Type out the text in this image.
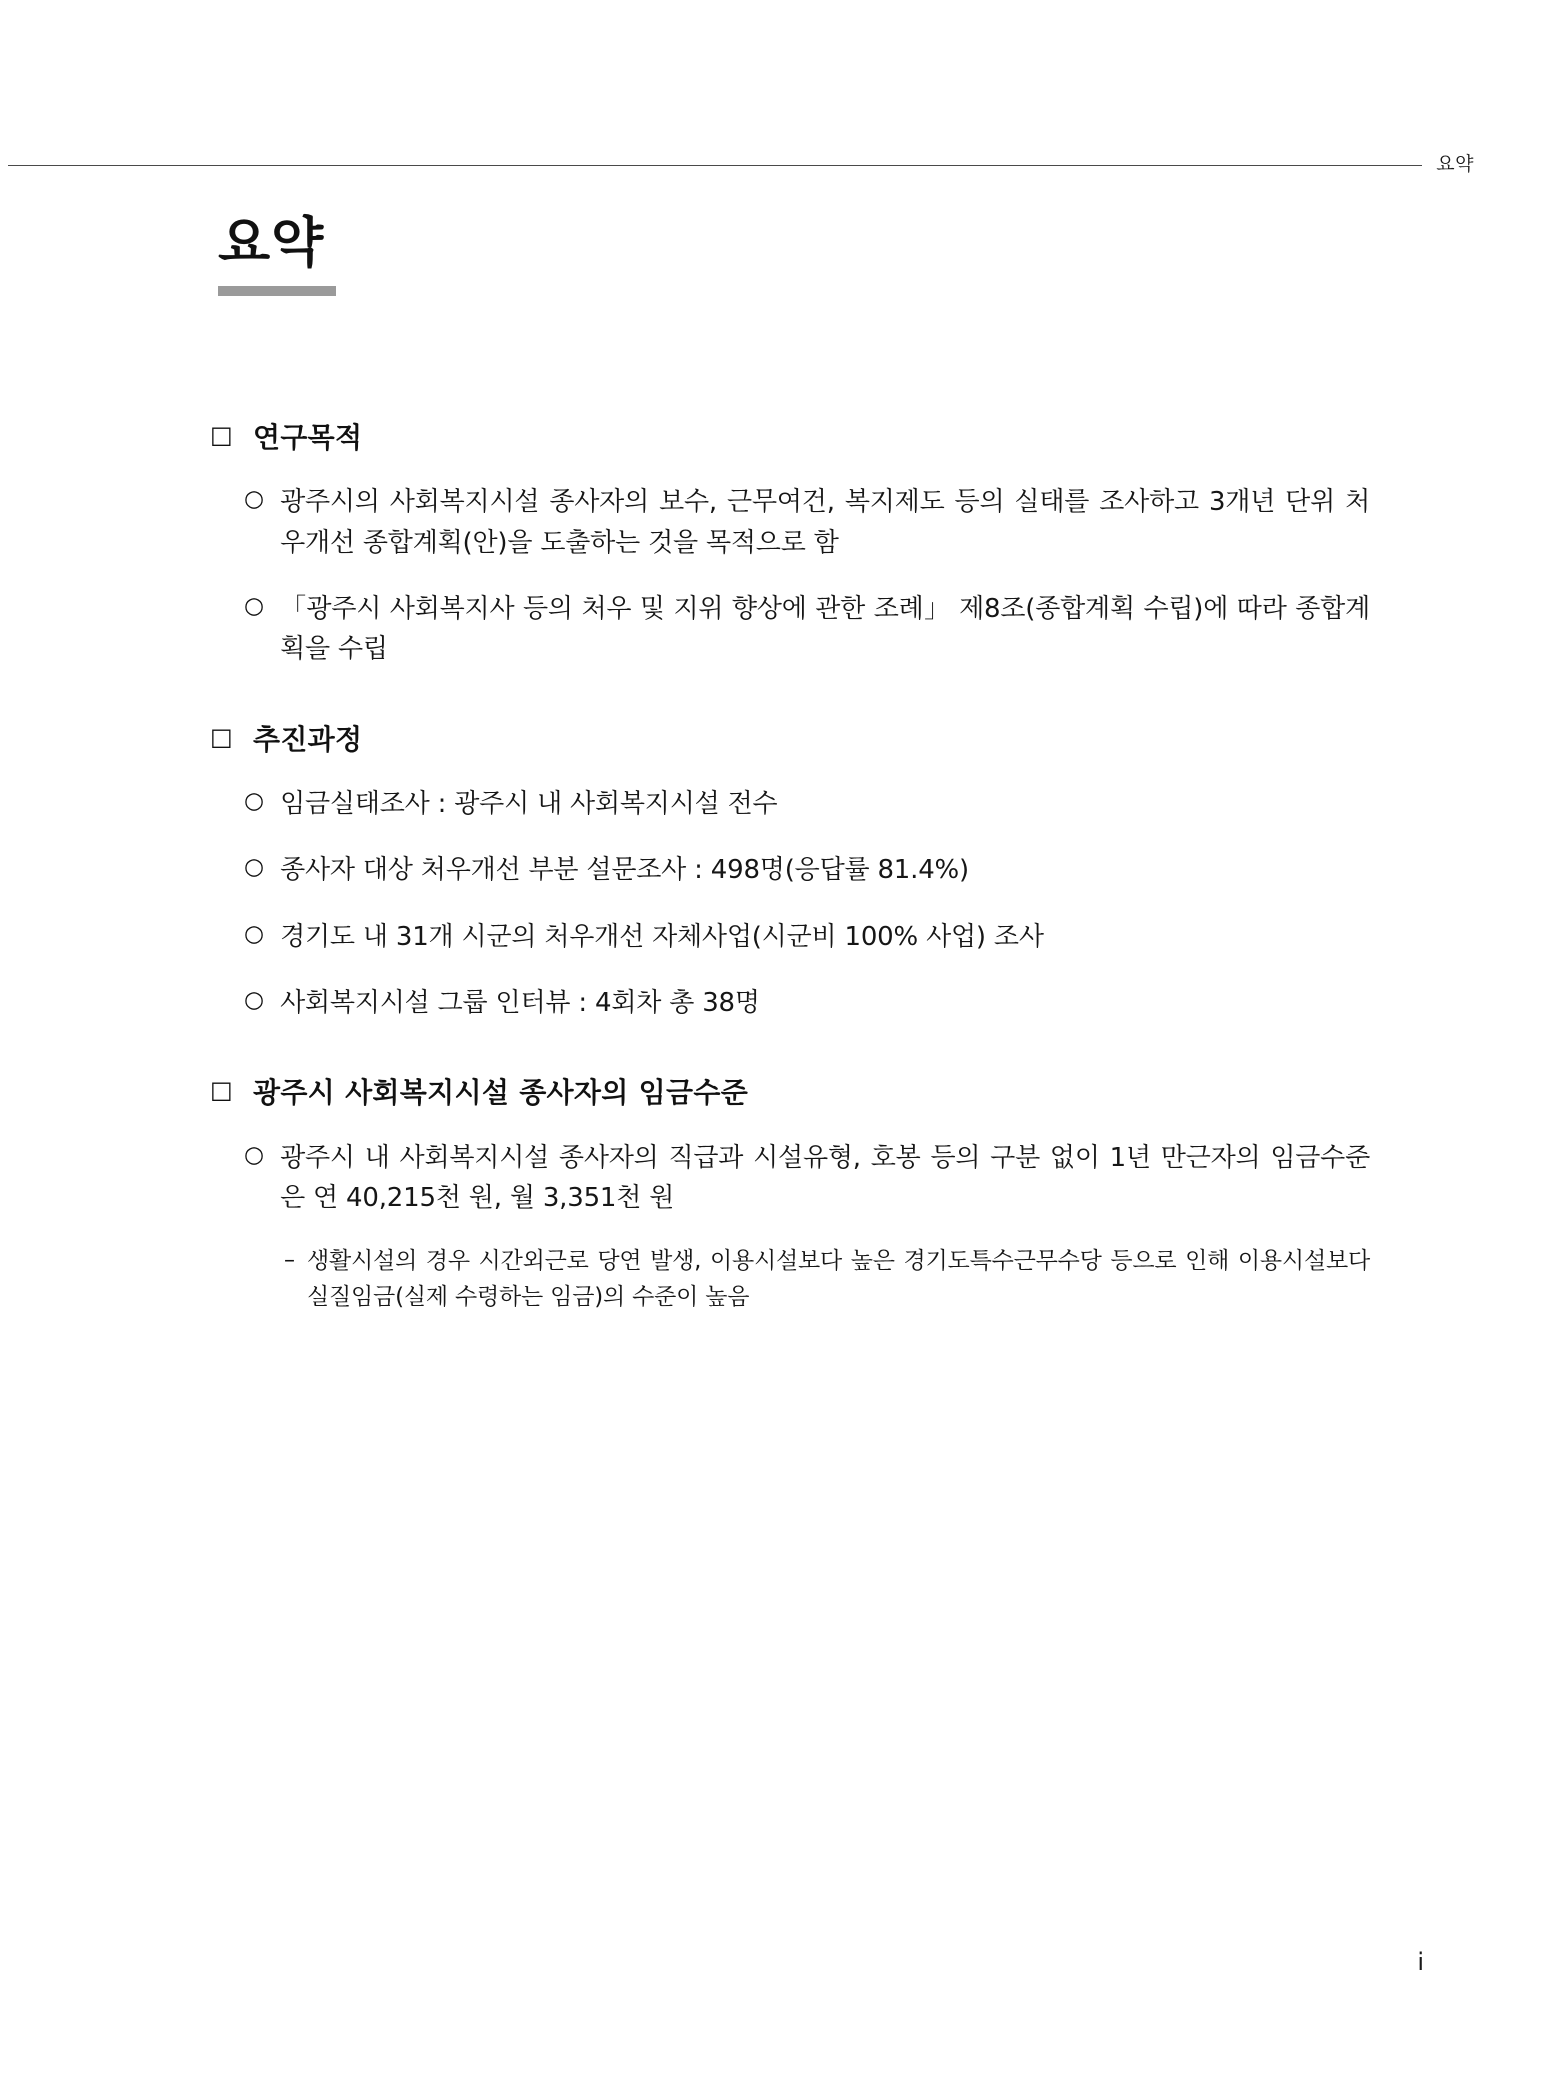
요약
요약
□ 연구목적
○ 광주시의 사회복지시설 종사자의 보수, 근무여건, 복지제도 등의 실태를 조사하고 3개년 단위 처우개선 종합계획(안)을 도출하는 것을 목적으로 함
○ 「광주시 사회복지사 등의 처우 및 지위 향상에 관한 조례」 제8조(종합계획 수립)에 따라 종합계획을 수립
□ 추진과정
○ 임금실태조사 : 광주시 내 사회복지시설 전수
○ 종사자 대상 처우개선 부분 설문조사 : 498명(응답률 81.4%)
○ 경기도 내 31개 시군의 처우개선 자체사업(시군비 100% 사업) 조사
○ 사회복지시설 그룹 인터뷰 : 4회차 총 38명
□ 광주시 사회복지시설 종사자의 임금수준
○ 광주시 내 사회복지시설 종사자의 직급과 시설유형, 호봉 등의 구분 없이 1년 만근자의 임금수준은 연 40,215천 원, 월 3,351천 원
– 생활시설의 경우 시간외근로 당연 발생, 이용시설보다 높은 경기도특수근무수당 등으로 인해 이용시설보다 실질임금(실제 수령하는 임금)의 수준이 높음
i
